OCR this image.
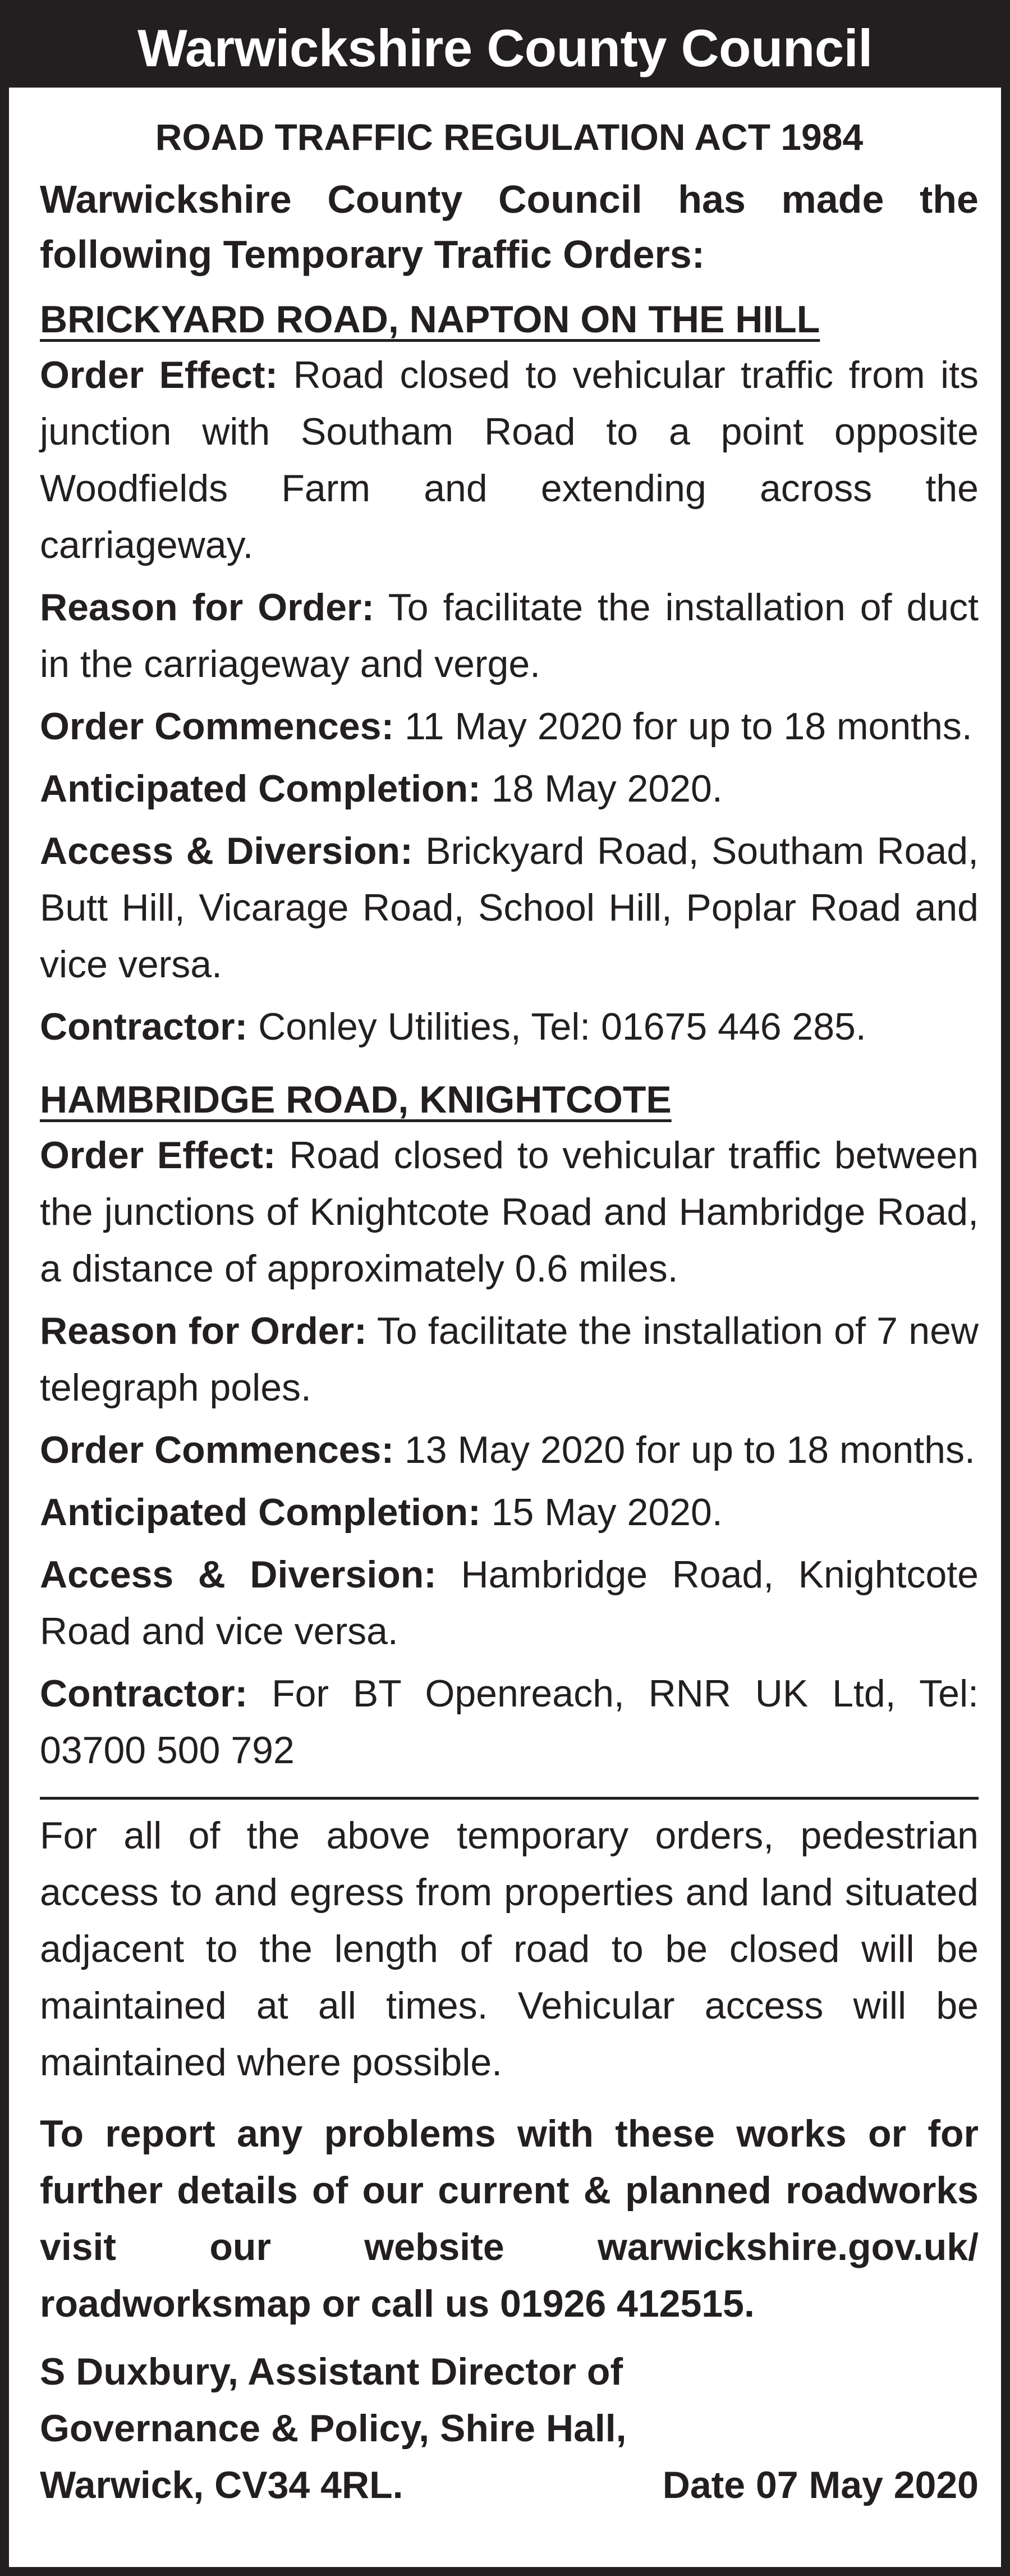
Warwickshire County Council

ROAD TRAFFIC REGULATION ACT 1984

Warwickshire County Council has made the following Temporary Traffic Orders:

BRICKYARD ROAD, NAPTON ON THE HILL

Order Effect: Road closed to vehicular traffic from its junction with Southam Road to a point opposite Woodfields Farm and extending across the carriageway.

Reason for Order: To facilitate the installation of duct in the carriageway and verge.

Order Commences: 11 May 2020 for up to 18 months.

Anticipated Completion: 18 May 2020.

Access & Diversion: Brickyard Road, Southam Road, Butt Hill, Vicarage Road, School Hill, Poplar Road and vice versa.

Contractor: Conley Utilities, Tel: 01675 446 285.

HAMBRIDGE ROAD, KNIGHTCOTE

Order Effect: Road closed to vehicular traffic between the junctions of Knightcote Road and Hambridge Road, a distance of approximately 0.6 miles.

Reason for Order: To facilitate the installation of 7 new telegraph poles.

Order Commences: 13 May 2020 for up to 18 months.

Anticipated Completion: 15 May 2020.

Access & Diversion: Hambridge Road, Knightcote Road and vice versa.

Contractor: For BT Openreach, RNR UK Ltd, Tel: 03700 500 792

For all of the above temporary orders, pedestrian access to and egress from properties and land situated adjacent to the length of road to be closed will be maintained at all times. Vehicular access will be maintained where possible.

To report any problems with these works or for further details of our current & planned roadworks visit our website warwickshire.gov.uk/ roadworksmap or call us 01926 412515.

S Duxbury, Assistant Director of

Governance & Policy, Shire Hall,

Warwick, CV34 4RL.	Date 07 May 2020
